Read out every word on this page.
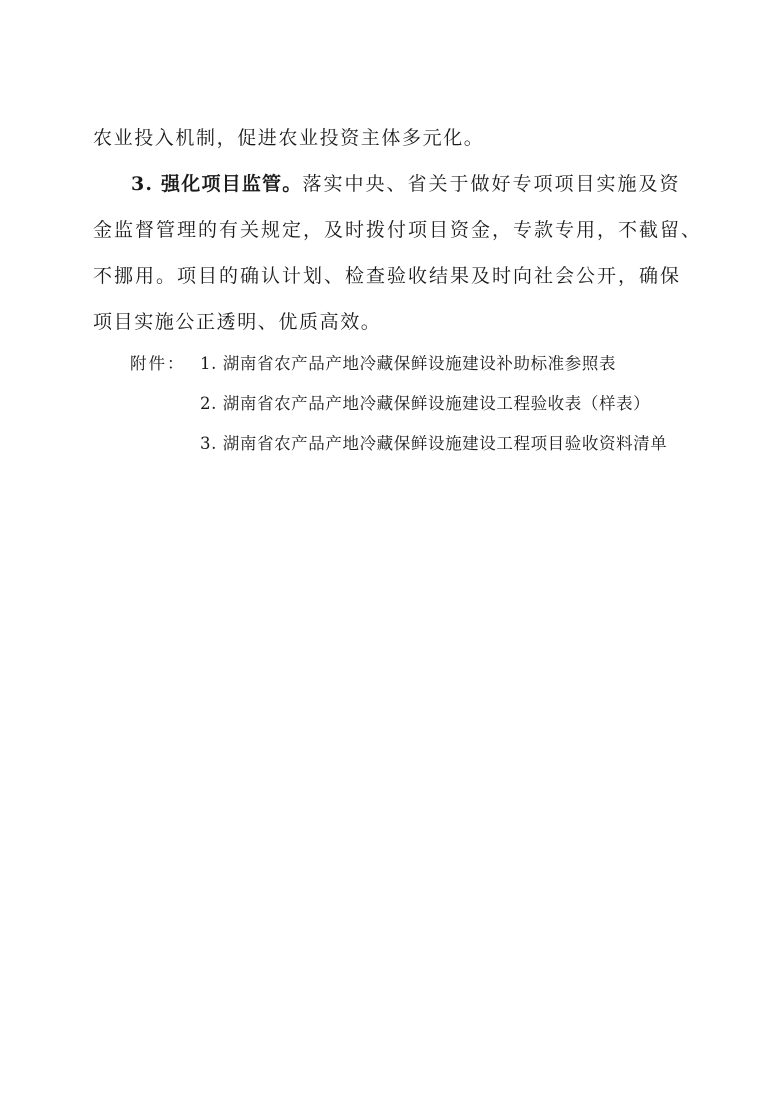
农业投入机制，促进农业投资主体多元化。
3. 强化项目监管。落实中央、省关于做好专项项目实施及资
金监督管理的有关规定，及时拨付项目资金，专款专用，不截留、
不挪用。项目的确认计划、检查验收结果及时向社会公开，确保
项目实施公正透明、优质高效。
附件： 1. 湖南省农产品产地冷藏保鲜设施建设补助标准参照表
2. 湖南省农产品产地冷藏保鲜设施建设工程验收表（样表）
3. 湖南省农产品产地冷藏保鲜设施建设工程项目验收资料清单
